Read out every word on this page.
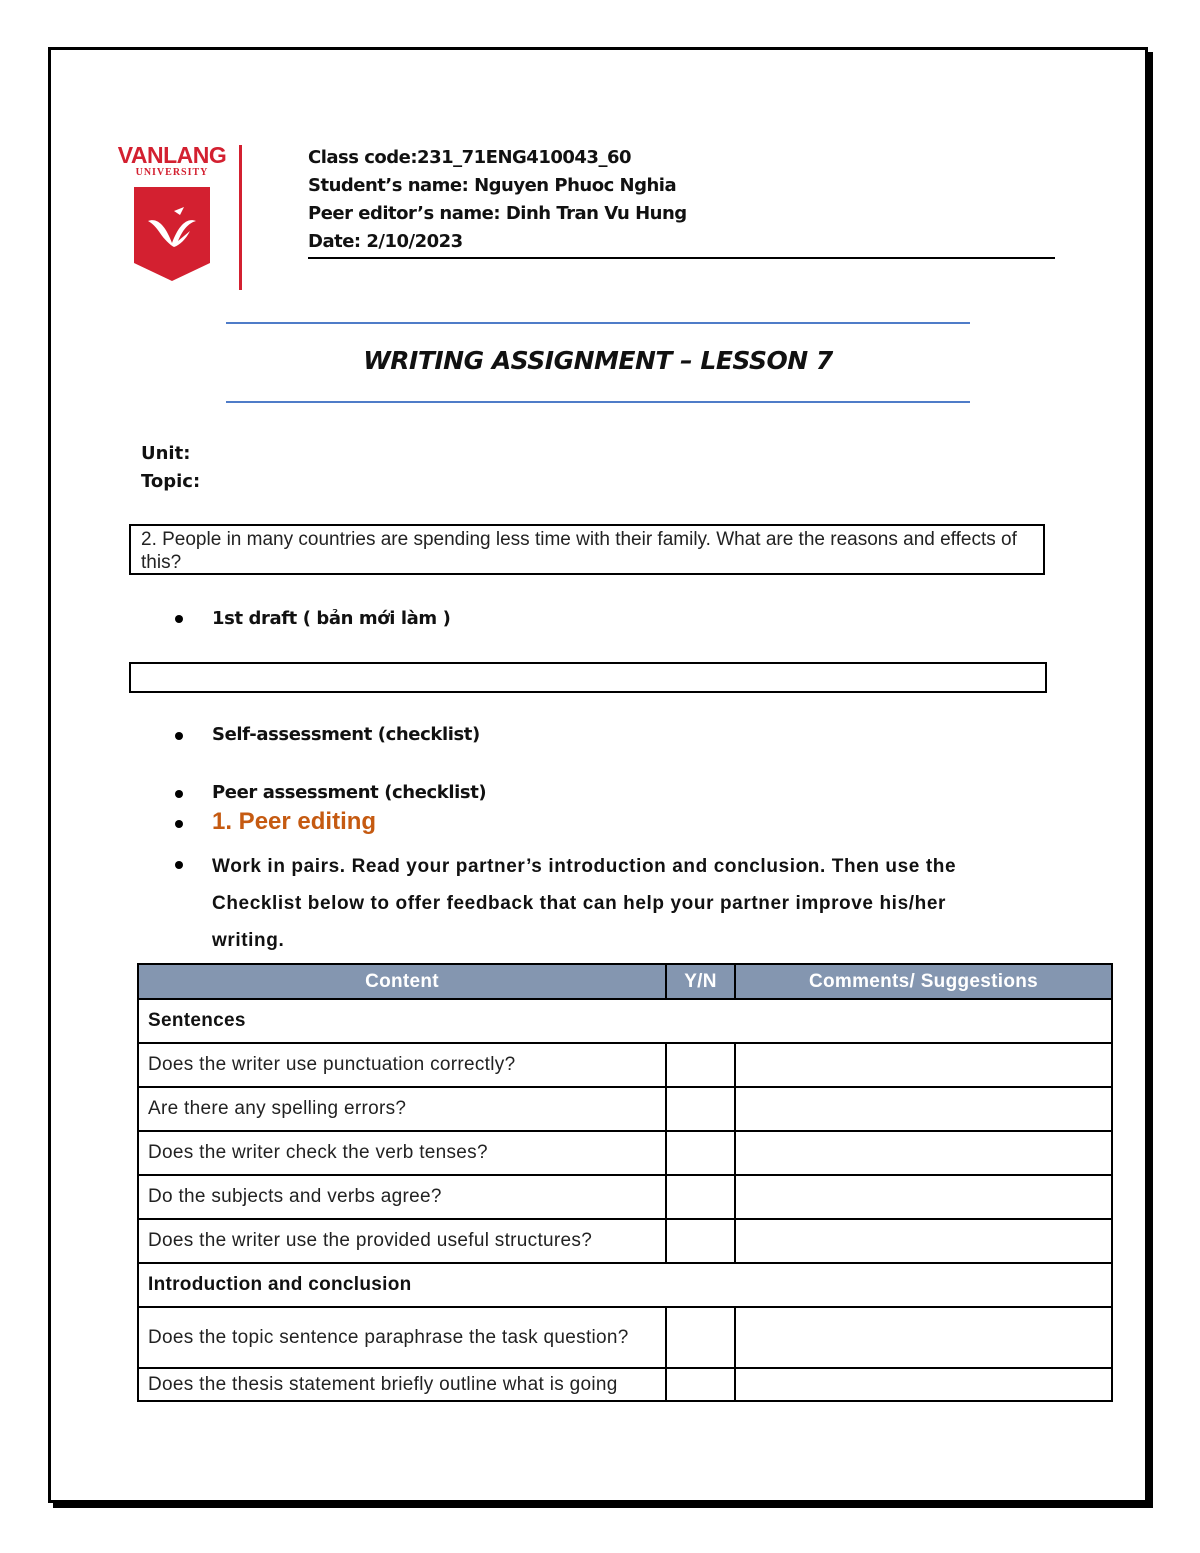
VANLANG
UNIVERSITY
Class code:231_71ENG410043_60
Student’s name: Nguyen Phuoc Nghia
Peer editor’s name: Dinh Tran Vu Hung
Date: 2/10/2023
WRITING ASSIGNMENT – LESSON 7
Unit:
Topic:
2. People in many countries are spending less time with their family. What are the reasons and effects of this?
1st draft ( bản mới làm )
Self-assessment (checklist)
Peer assessment (checklist)
1. Peer editing
Work in pairs. Read your partner’s introduction and conclusion. Then use the Checklist below to offer feedback that can help your partner improve his/her writing.
Content	Y/N	Comments/ Suggestions
Sentences		
Does the writer use punctuation correctly?		
Are there any spelling errors?		
Does the writer check the verb tenses?		
Do the subjects and verbs agree?		
Does the writer use the provided useful structures?		
Introduction and conclusion		
Does the topic sentence paraphrase the task question?		
Does the thesis statement briefly outline what is going		
